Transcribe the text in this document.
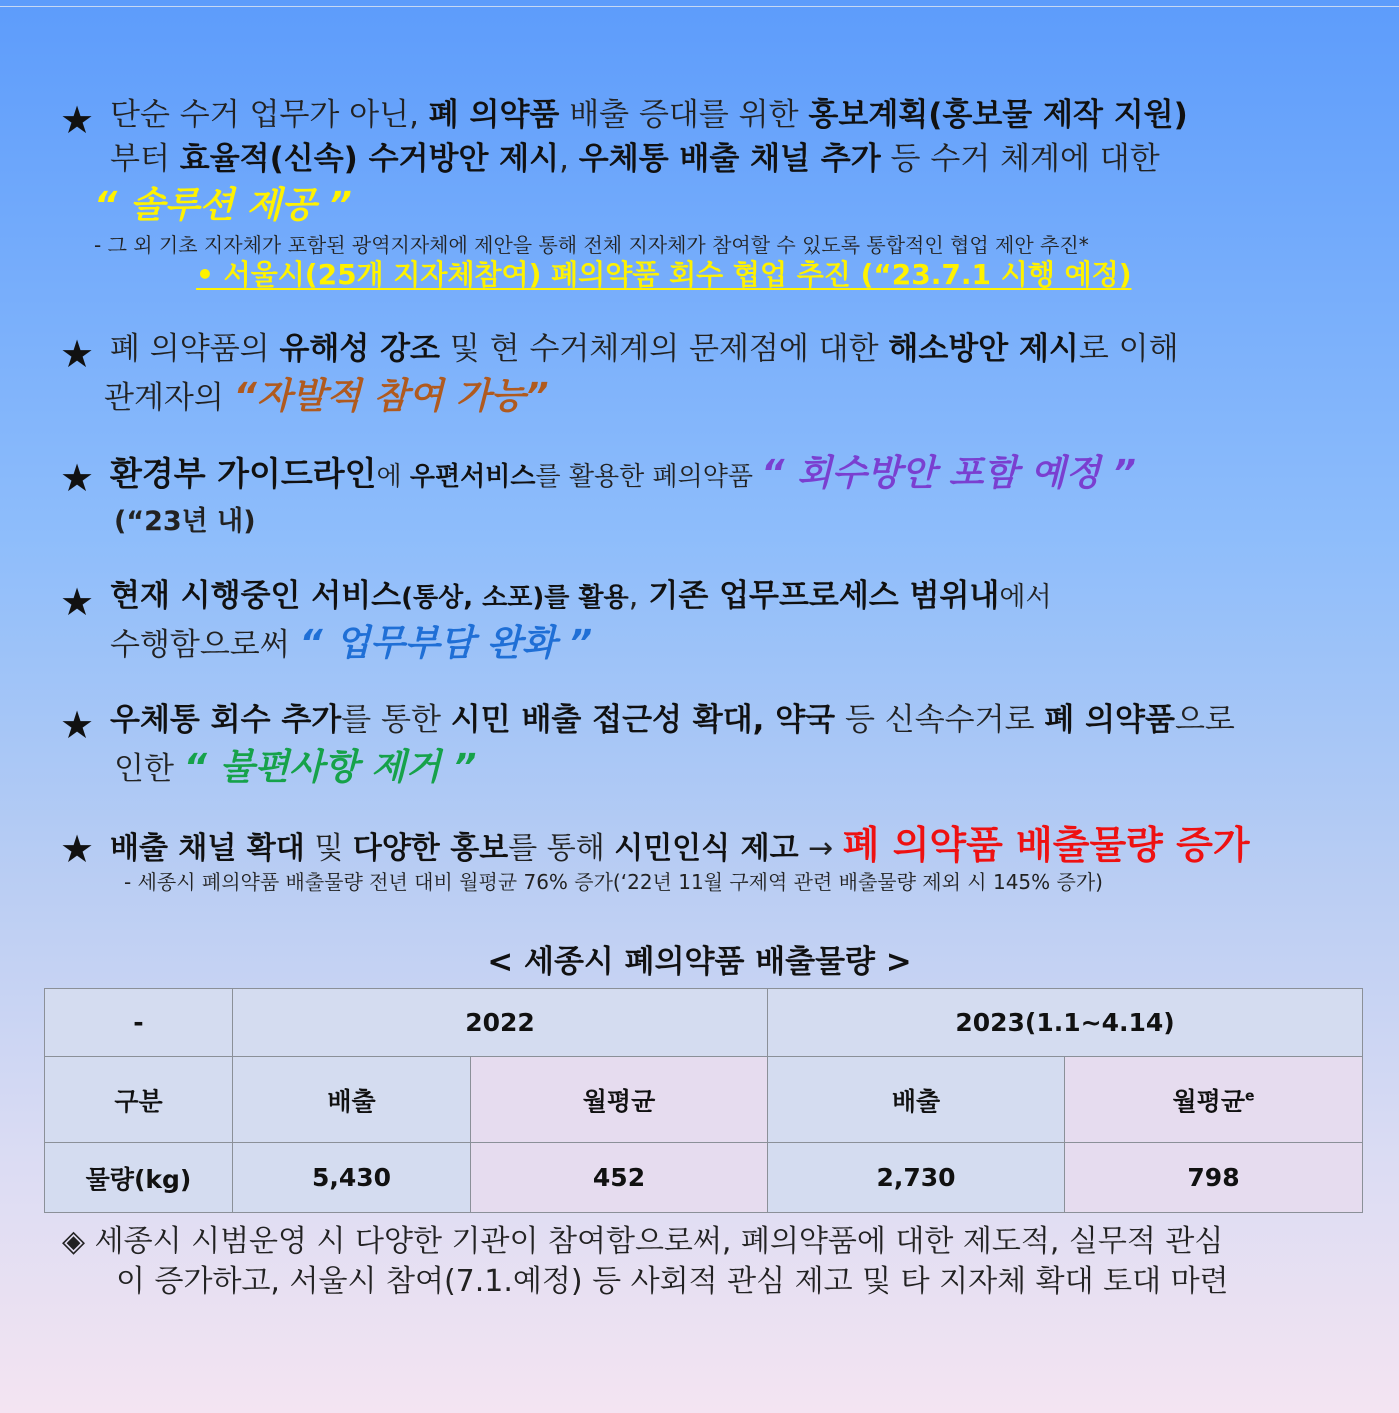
★ 단순 수거 업무가 아닌, 폐 의약품 배출 증대를 위한 홍보계획(홍보물 제작 지원)
부터 효율적(신속) 수거방안 제시, 우체통 배출 채널 추가 등 수거 체계에 대한
“ 솔루션 제공 ”
- 그 외 기초 지자체가 포함된 광역지자체에 제안을 통해 전체 지자체가 참여할 수 있도록 통합적인 협업 제안 추진*
• 서울시(25개 지자체참여) 폐의약품 회수 협업 추진 (“23.7.1 시행 예정)
★ 폐 의약품의 유해성 강조 및 현 수거체계의 문제점에 대한 해소방안 제시로 이해
관계자의 “자발적 참여 가능”
★ 환경부 가이드라인에 우편서비스를 활용한 폐의약품 “ 회수방안 포함 예정 ”
(“23년 내)
★ 현재 시행중인 서비스(통상, 소포)를 활용, 기존 업무프로세스 범위내에서
수행함으로써 “ 업무부담 완화 ”
★ 우체통 회수 추가를 통한 시민 배출 접근성 확대, 약국 등 신속수거로 폐 의약품으로
인한 “ 불편사항 제거 ”
★ 배출 채널 확대 및 다양한 홍보를 통해 시민인식 제고 → 폐 의약품 배출물량 증가
- 세종시 폐의약품 배출물량 전년 대비 월평균 76% 증가(‘22년 11월 구제역 관련 배출물량 제외 시 145% 증가)
< 세종시 폐의약품 배출물량 >
-	2022		2023(1.1~4.14)	
구분	배출	월평균	배출	월평균$^e$
물량(kg)	5,430	452	2,730	798
◈ 세종시 시범운영 시 다양한 기관이 참여함으로써, 폐의약품에 대한 제도적, 실무적 관심
이 증가하고, 서울시 참여(7.1.예정) 등 사회적 관심 제고 및 타 지자체 확대 토대 마련
